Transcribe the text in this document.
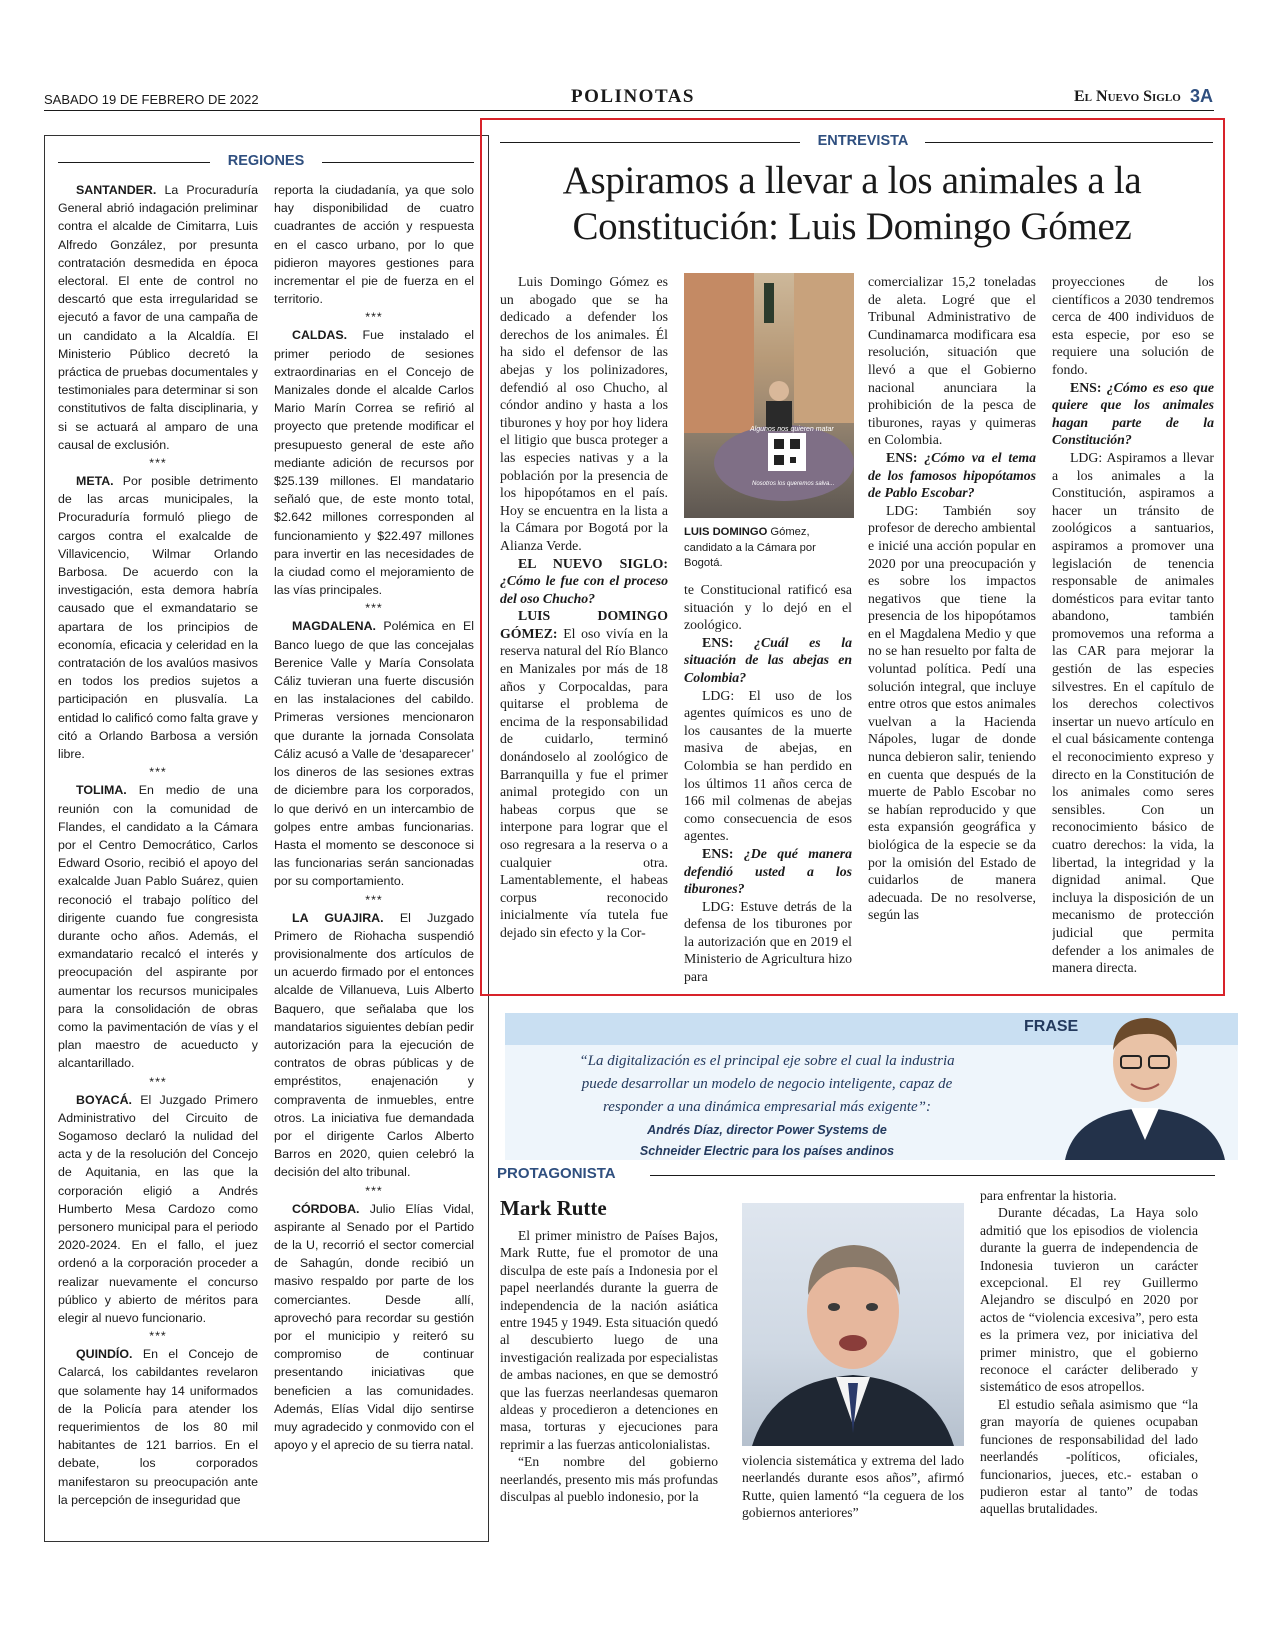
SABADO 19 DE FEBRERO DE 2022	POLINOTAS	El Nuevo Siglo 3A
REGIONES

SANTANDER. La Procuraduría General abrió indagación preliminar contra el alcalde de Cimitarra, Luis Alfredo González, por presunta contratación desmedida en época electoral. El ente de control no descartó que esta irregularidad se ejecutó a favor de una campaña de un candidato a la Alcaldía. El Ministerio Público decretó la práctica de pruebas documentales y testimoniales para determinar si son constitutivos de falta disciplinaria, y si se actuará al amparo de una causal de exclusión.

***

META. Por posible detrimento de las arcas municipales, la Procuraduría formuló pliego de cargos contra el exalcalde de Villavicencio, Wilmar Orlando Barbosa. De acuerdo con la investigación, esta demora habría causado que el exmandatario se apartara de los principios de economía, eficacia y celeridad en la contratación de los avalúos masivos en todos los predios sujetos a participación en plusvalía. La entidad lo calificó como falta grave y citó a Orlando Barbosa a versión libre.

***

TOLIMA. En medio de una reunión con la comunidad de Flandes, el candidato a la Cámara por el Centro Democrático, Carlos Edward Osorio, recibió el apoyo del exalcalde Juan Pablo Suárez, quien reconoció el trabajo político del dirigente cuando fue congresista durante ocho años. Además, el exmandatario recalcó el interés y preocupación del aspirante por aumentar los recursos municipales para la consolidación de obras como la pavimentación de vías y el plan maestro de acueducto y alcantarillado.

***

BOYACÁ. El Juzgado Primero Administrativo del Circuito de Sogamoso declaró la nulidad del acta y de la resolución del Concejo de Aquitania, en las que la corporación eligió a Andrés Humberto Mesa Cardozo como personero municipal para el periodo 2020-2024. En el fallo, el juez ordenó a la corporación proceder a realizar nuevamente el concurso público y abierto de méritos para elegir al nuevo funcionario.

***

QUINDÍO. En el Concejo de Calarcá, los cabildantes revelaron que solamente hay 14 uniformados de la Policía para atender los requerimientos de los 80 mil habitantes de 121 barrios. En el debate, los corporados manifestaron su preocupación ante la percepción de inseguridad que

reporta la ciudadanía, ya que solo hay disponibilidad de cuatro cuadrantes de acción y respuesta en el casco urbano, por lo que pidieron mayores gestiones para incrementar el pie de fuerza en el territorio.

***

CALDAS. Fue instalado el primer periodo de sesiones extraordinarias en el Concejo de Manizales donde el alcalde Carlos Mario Marín Correa se refirió al proyecto que pretende modificar el presupuesto general de este año mediante adición de recursos por $25.139 millones. El mandatario señaló que, de este monto total, $2.642 millones corresponden al funcionamiento y $22.497 millones para invertir en las necesidades de la ciudad como el mejoramiento de las vías principales.

***

MAGDALENA. Polémica en El Banco luego de que las concejalas Berenice Valle y María Consolata Cáliz tuvieran una fuerte discusión en las instalaciones del cabildo. Primeras versiones mencionaron que durante la jornada Consolata Cáliz acusó a Valle de ‘desaparecer’ los dineros de las sesiones extras de diciembre para los corporados, lo que derivó en un intercambio de golpes entre ambas funcionarias. Hasta el momento se desconoce si las funcionarias serán sancionadas por su comportamiento.

***

LA GUAJIRA. El Juzgado Primero de Riohacha suspendió provisionalmente dos artículos de un acuerdo firmado por el entonces alcalde de Villanueva, Luis Alberto Baquero, que señalaba que los mandatarios siguientes debían pedir autorización para la ejecución de contratos de obras públicas y de empréstitos, enajenación y compraventa de inmuebles, entre otros. La iniciativa fue demandada por el dirigente Carlos Alberto Barros en 2020, quien celebró la decisión del alto tribunal.

***

CÓRDOBA. Julio Elías Vidal, aspirante al Senado por el Partido de la U, recorrió el sector comercial de Sahagún, donde recibió un masivo respaldo por parte de los comerciantes. Desde allí, aprovechó para recordar su gestión por el municipio y reiteró su compromiso de continuar presentando iniciativas que beneficien a las comunidades. Además, Elías Vidal dijo sentirse muy agradecido y conmovido con el apoyo y el aprecio de su tierra natal.

ENTREVISTA
Aspiramos a llevar a los animales a la
Constitución: Luis Domingo Gómez

Luis Domingo Gómez es un abogado que se ha dedicado a defender los derechos de los animales. Él ha sido el defensor de las abejas y los polinizadores, defendió al oso Chucho, al cóndor andino y hasta a los tiburones y hoy por hoy lidera el litigio que busca proteger a las especies nativas y a la población por la presencia de los hipopótamos en el país. Hoy se encuentra en la lista a la Cámara por Bogotá por la Alianza Verde.

EL NUEVO SIGLO: ¿Cómo le fue con el proceso del oso Chucho?

LUIS DOMINGO GÓMEZ: El oso vivía en la reserva natural del Río Blanco en Manizales por más de 18 años y Corpocaldas, para quitarse el problema de encima de la responsabilidad de cuidarlo, terminó donándoselo al zoológico de Barranquilla y fue el primer animal protegido con un habeas corpus que se interpone para lograr que el oso regresara a la reserva o a cualquier otra. Lamentablemente, el habeas corpus reconocido inicialmente vía tutela fue dejado sin efecto y la Cor-

Algunos nos quieren matar
Nosotros los queremos salva...
LUIS DOMINGO Gómez, candidato a la Cámara por Bogotá.

te Constitucional ratificó esa situación y lo dejó en el zoológico.

ENS: ¿Cuál es la situación de las abejas en Colombia?

LDG: El uso de los agentes químicos es uno de los causantes de la muerte masiva de abejas, en Colombia se han perdido en los últimos 11 años cerca de 166 mil colmenas de abejas como consecuencia de esos agentes.

ENS: ¿De qué manera defendió usted a los tiburones?

LDG: Estuve detrás de la defensa de los tiburones por la autorización que en 2019 el Ministerio de Agricultura hizo para

comercializar 15,2 toneladas de aleta. Logré que el Tribunal Administrativo de Cundinamarca modificara esa resolución, situación que llevó a que el Gobierno nacional anunciara la prohibición de la pesca de tiburones, rayas y quimeras en Colombia.

ENS: ¿Cómo va el tema de los famosos hipopótamos de Pablo Escobar?

LDG: También soy profesor de derecho ambiental e inicié una acción popular en 2020 por una preocupación y es sobre los impactos negativos que tiene la presencia de los hipopótamos en el Magdalena Medio y que no se han resuelto por falta de voluntad política. Pedí una solución integral, que incluye entre otros que estos animales vuelvan a la Hacienda Nápoles, lugar de donde nunca debieron salir, teniendo en cuenta que después de la muerte de Pablo Escobar no se habían reproducido y que esta expansión geográfica y biológica de la especie se da por la omisión del Estado de cuidarlos de manera adecuada. De no resolverse, según las

proyecciones de los científicos a 2030 tendremos cerca de 400 individuos de esta especie, por eso se requiere una solución de fondo.

ENS: ¿Cómo es eso que quiere que los animales hagan parte de la Constitución?

LDG: Aspiramos a llevar a los animales a la Constitución, aspiramos a hacer un tránsito de zoológicos a santuarios, aspiramos a promover una legislación de tenencia responsable de animales domésticos para evitar tanto abandono, también promovemos una reforma a las CAR para mejorar la gestión de las especies silvestres. En el capítulo de los derechos colectivos insertar un nuevo artículo en el cual básicamente contenga el reconocimiento expreso y directo en la Constitución de los animales como seres sensibles. Con un reconocimiento básico de cuatro derechos: la vida, la libertad, la integridad y la dignidad animal. Que incluya la disposición de un mecanismo de protección judicial que permita defender a los animales de manera directa.

FRASE
“La digitalización es el principal eje sobre el cual la industria
puede desarrollar un modelo de negocio inteligente, capaz de
responder a una dinámica empresarial más exigente”:
Andrés Díaz, director Power Systems de
Schneider Electric para los países andinos
PROTAGONISTA
Mark Rutte

El primer ministro de Países Bajos, Mark Rutte, fue el promotor de una disculpa de este país a Indonesia por el papel neerlandés durante la guerra de independencia de la nación asiática entre 1945 y 1949. Esta situación quedó al descubierto luego de una investigación realizada por especialistas de ambas naciones, en que se demostró que las fuerzas neerlandesas quemaron aldeas y procedieron a detenciones en masa, torturas y ejecuciones para reprimir a las fuerzas anticolonialistas.

“En nombre del gobierno neerlandés, presento mis más profundas disculpas al pueblo indonesio, por la

violencia sistemática y extrema del lado neerlandés durante esos años”, afirmó Rutte, quien lamentó “la ceguera de los gobiernos anteriores”

para enfrentar la historia.

Durante décadas, La Haya solo admitió que los episodios de violencia durante la guerra de independencia de Indonesia tuvieron un carácter excepcional. El rey Guillermo Alejandro se disculpó en 2020 por actos de “violencia excesiva”, pero esta es la primera vez, por iniciativa del primer ministro, que el gobierno reconoce el carácter deliberado y sistemático de esos atropellos.

El estudio señala asimismo que “la gran mayoría de quienes ocupaban funciones de responsabilidad del lado neerlandés -políticos, oficiales, funcionarios, jueces, etc.- estaban o pudieron estar al tanto” de todas aquellas brutalidades.
